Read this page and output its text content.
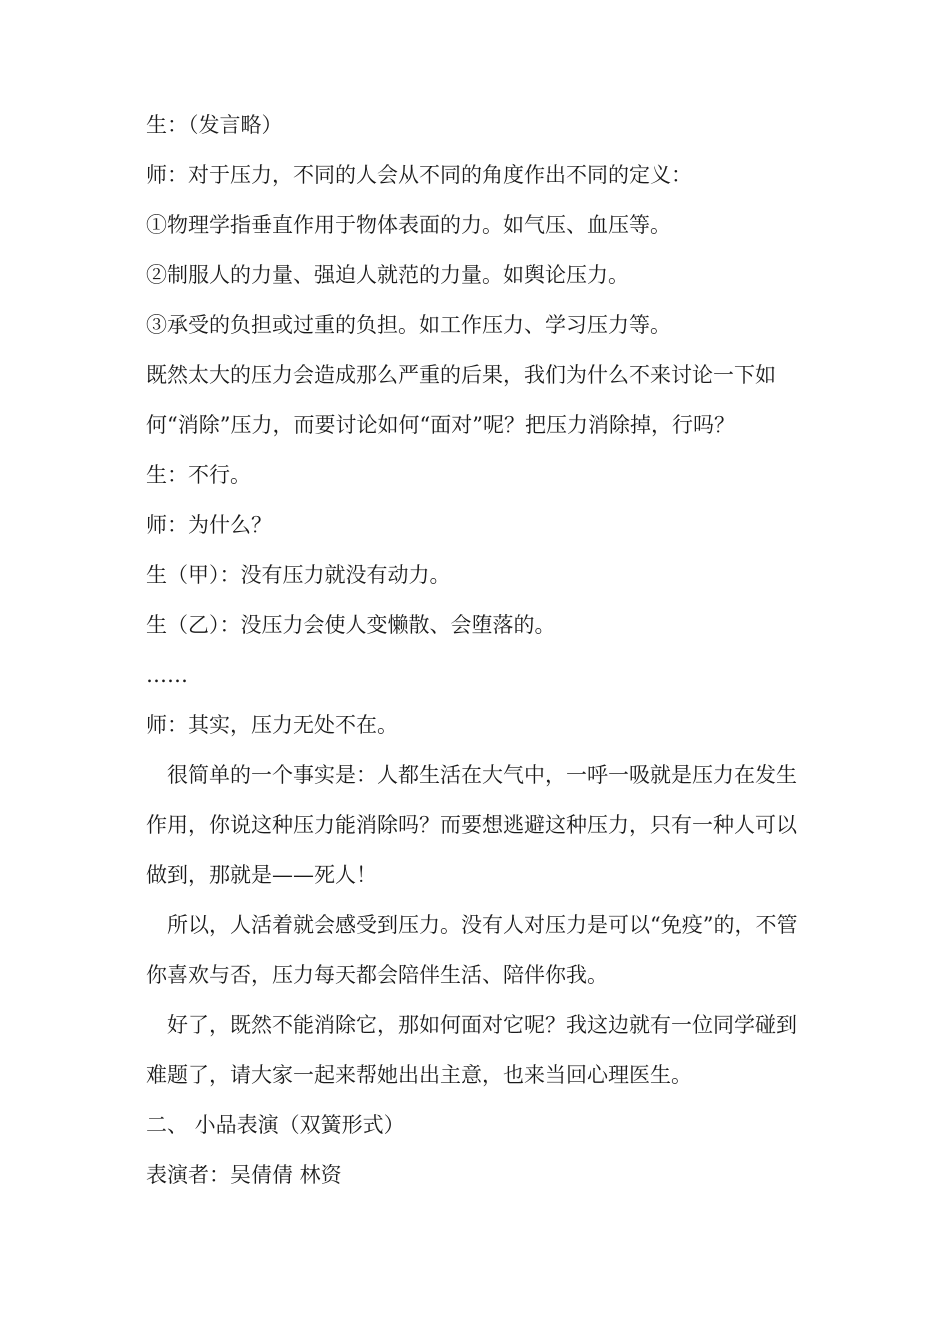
生：（发言略）

师：对于压力，不同的人会从不同的角度作出不同的定义：

①物理学指垂直作用于物体表面的力。如气压、血压等。

②制服人的力量、强迫人就范的力量。如舆论压力。

③承受的负担或过重的负担。如工作压力、学习压力等。

既然太大的压力会造成那么严重的后果，我们为什么不来讨论一下如何“消除”压力，而要讨论如何“面对”呢？把压力消除掉，行吗？

生：不行。

师：为什么？

生（甲）：没有压力就没有动力。

生（乙）：没压力会使人变懒散、会堕落的。

……

师：其实，压力无处不在。

很简单的一个事实是：人都生活在大气中，一呼一吸就是压力在发生作用，你说这种压力能消除吗？而要想逃避这种压力，只有一种人可以做到，那就是——死人！

所以，人活着就会感受到压力。没有人对压力是可以“免疫”的，不管你喜欢与否，压力每天都会陪伴生活、陪伴你我。

好了，既然不能消除它，那如何面对它呢？我这边就有一位同学碰到难题了，请大家一起来帮她出出主意，也来当回心理医生。

二、 小品表演（双簧形式）

表演者：吴倩倩 林资
